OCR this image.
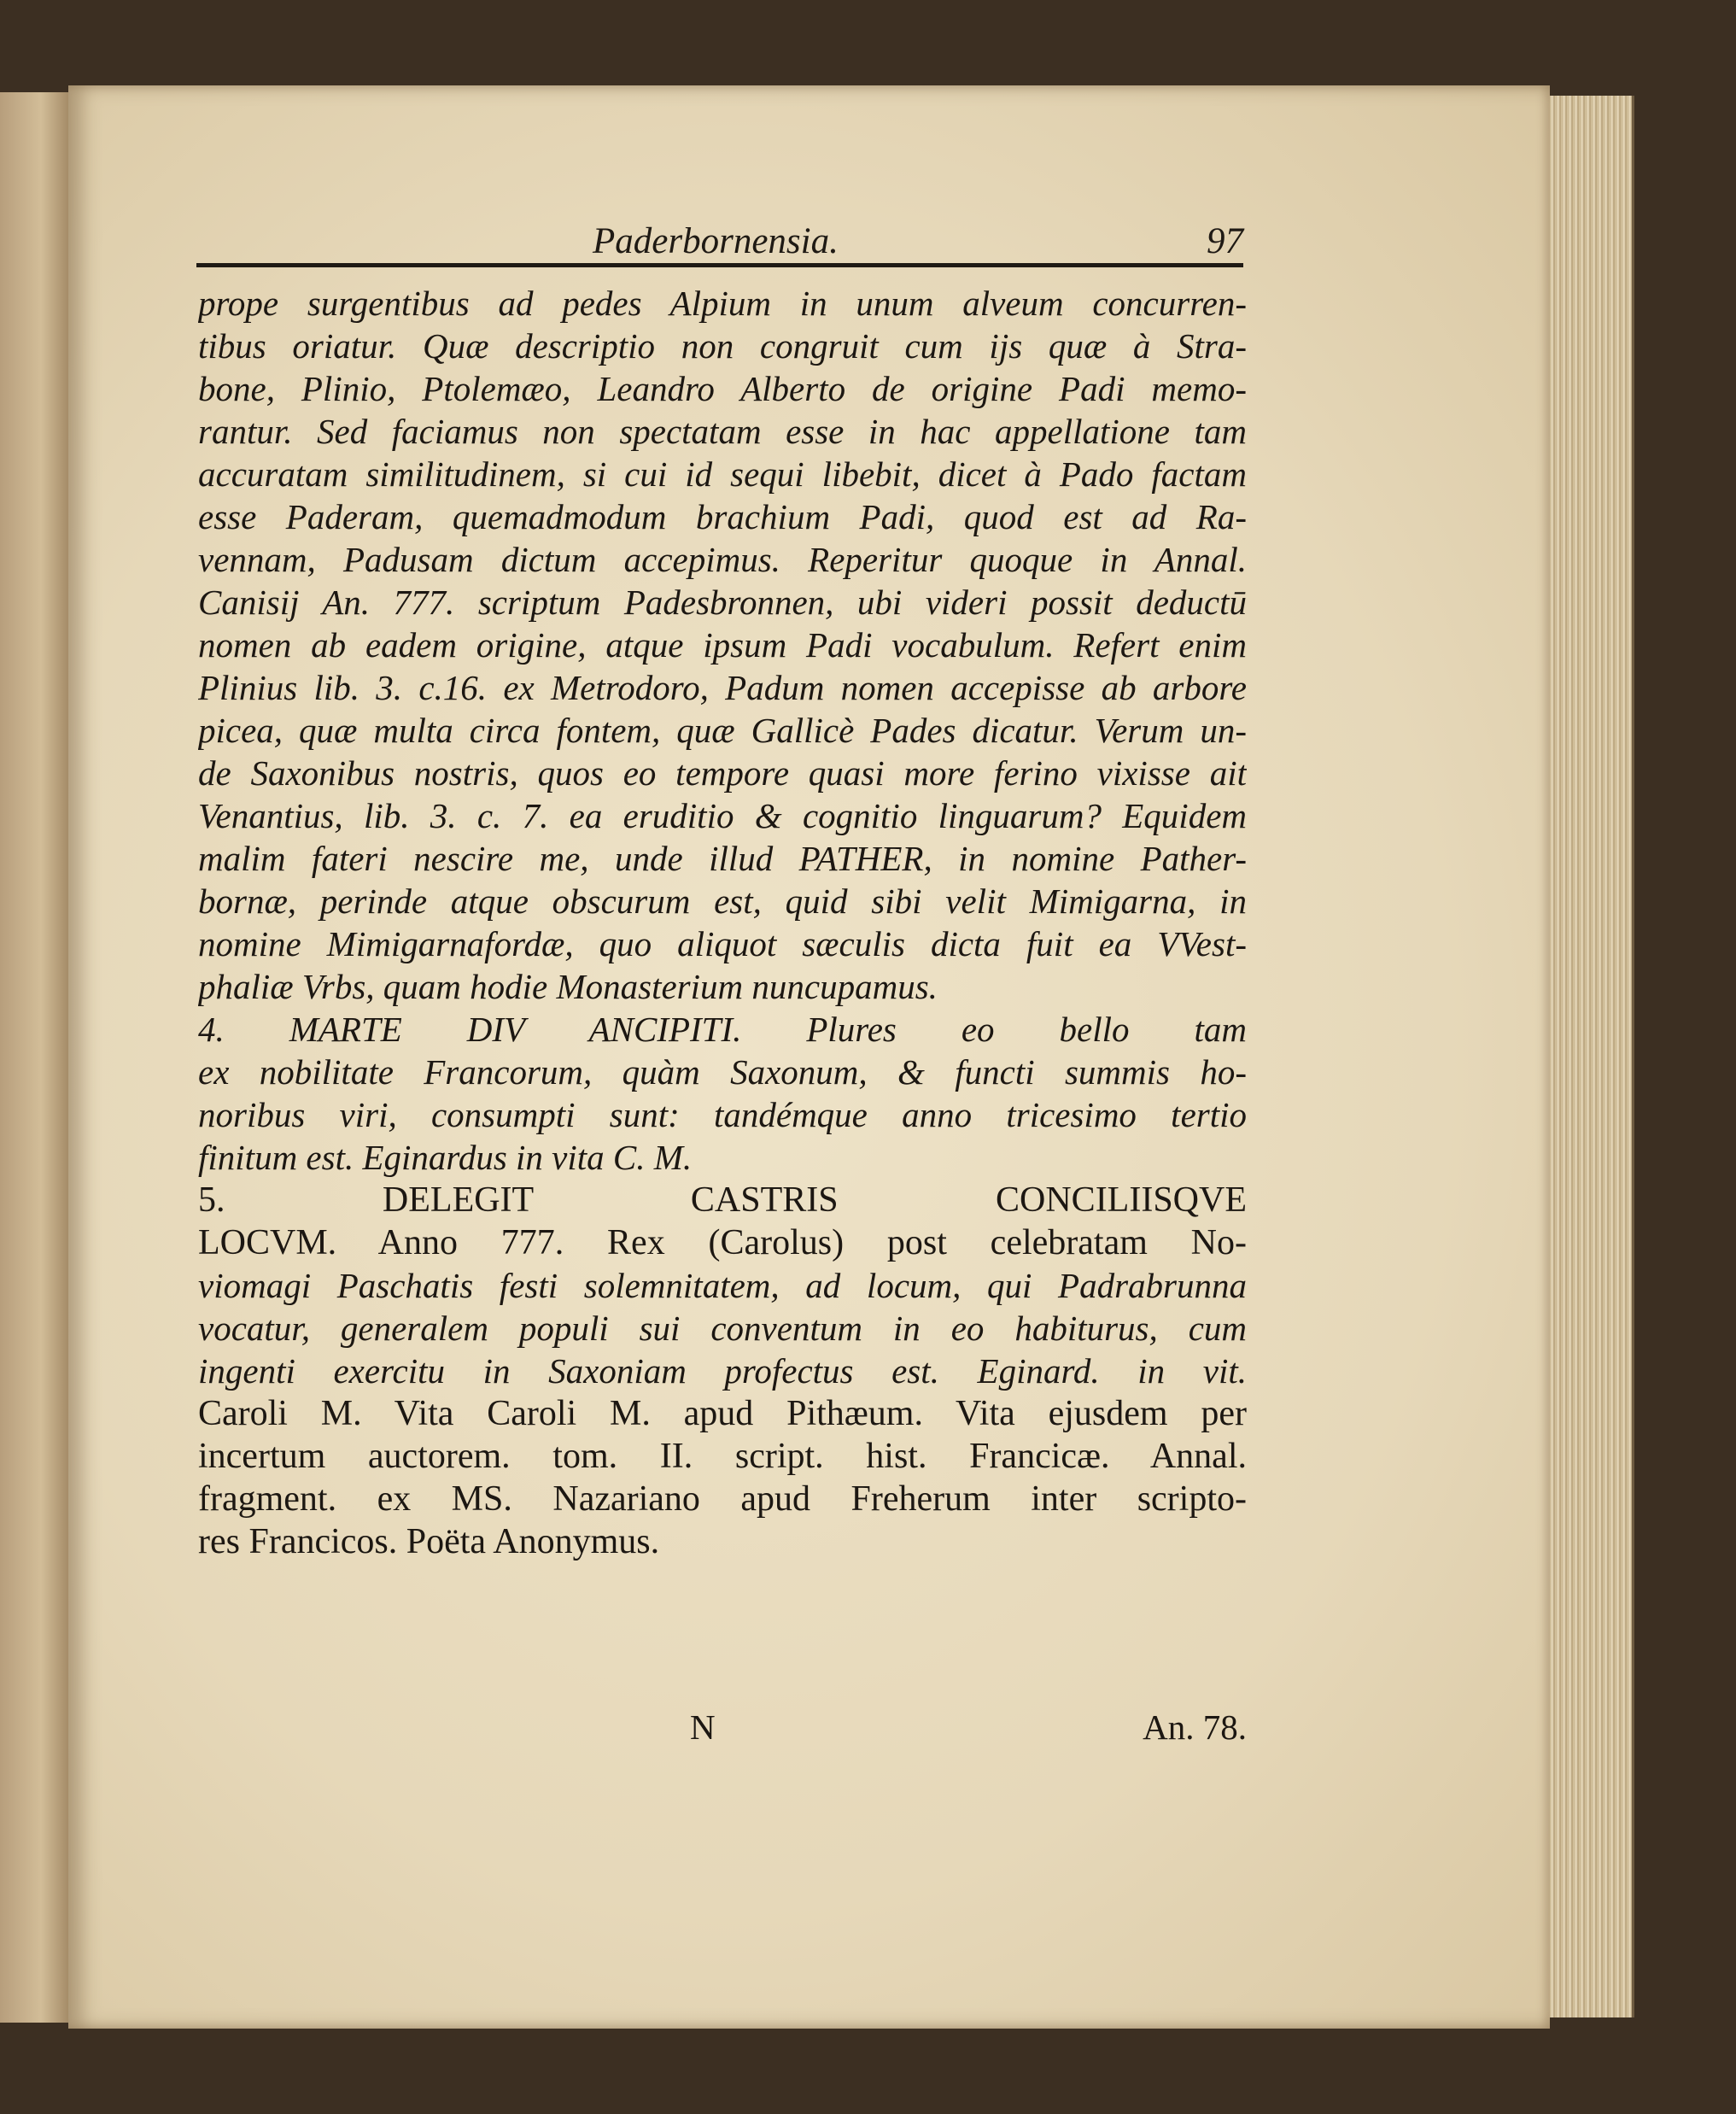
Paderbornensia.	97
prope surgentibus ad pedes Alpium in unum alveum concurren-
tibus oriatur. Quæ descriptio non congruit cum ijs quæ à Stra-
bone, Plinio, Ptolemæo, Leandro Alberto de origine Padi memo-
rantur. Sed faciamus non spectatam esse in hac appellatione tam
accuratam similitudinem, si cui id sequi libebit, dicet à Pado factam
esse Paderam, quemadmodum brachium Padi, quod est ad Ra-
vennam, Padusam dictum accepimus. Reperitur quoque in Annal.
Canisij An. 777. scriptum Padesbronnen, ubi videri possit deductū
nomen ab eadem origine, atque ipsum Padi vocabulum. Refert enim
Plinius lib. 3. c.16. ex Metrodoro, Padum nomen accepisse ab arbore
picea, quæ multa circa fontem, quæ Gallicè Pades dicatur. Verum un-
de Saxonibus nostris, quos eo tempore quasi more ferino vixisse ait
Venantius, lib. 3. c. 7. ea eruditio & cognitio linguarum? Equidem
malim fateri nescire me, unde illud PATHER, in nomine Pather-
bornæ, perinde atque obscurum est, quid sibi velit Mimigarna, in
nomine Mimigarnafordæ, quo aliquot sæculis dicta fuit ea VVest-
phaliæ Vrbs, quam hodie Monasterium nuncupamus.
4. MARTE DIV ANCIPITI. Plures eo bello tam
ex nobilitate Francorum, quàm Saxonum, & functi summis ho-
noribus viri, consumpti sunt: tandémque anno tricesimo tertio
finitum est. Eginardus in vita C. M.
5. DELEGIT CASTRIS CONCILIISQVE
LOCVM. Anno 777. Rex (Carolus) post celebratam No-
viomagi Paschatis festi solemnitatem, ad locum, qui Padrabrunna
vocatur, generalem populi sui conventum in eo habiturus, cum
ingenti exercitu in Saxoniam profectus est. Eginard. in vit.
Caroli M. Vita Caroli M. apud Pithæum. Vita ejusdem per
incertum auctorem. tom. II. script. hist. Francicæ. Annal.
fragment. ex MS. Nazariano apud Freherum inter scripto-
res Francicos. Poëta Anonymus.
N	An. 78.
